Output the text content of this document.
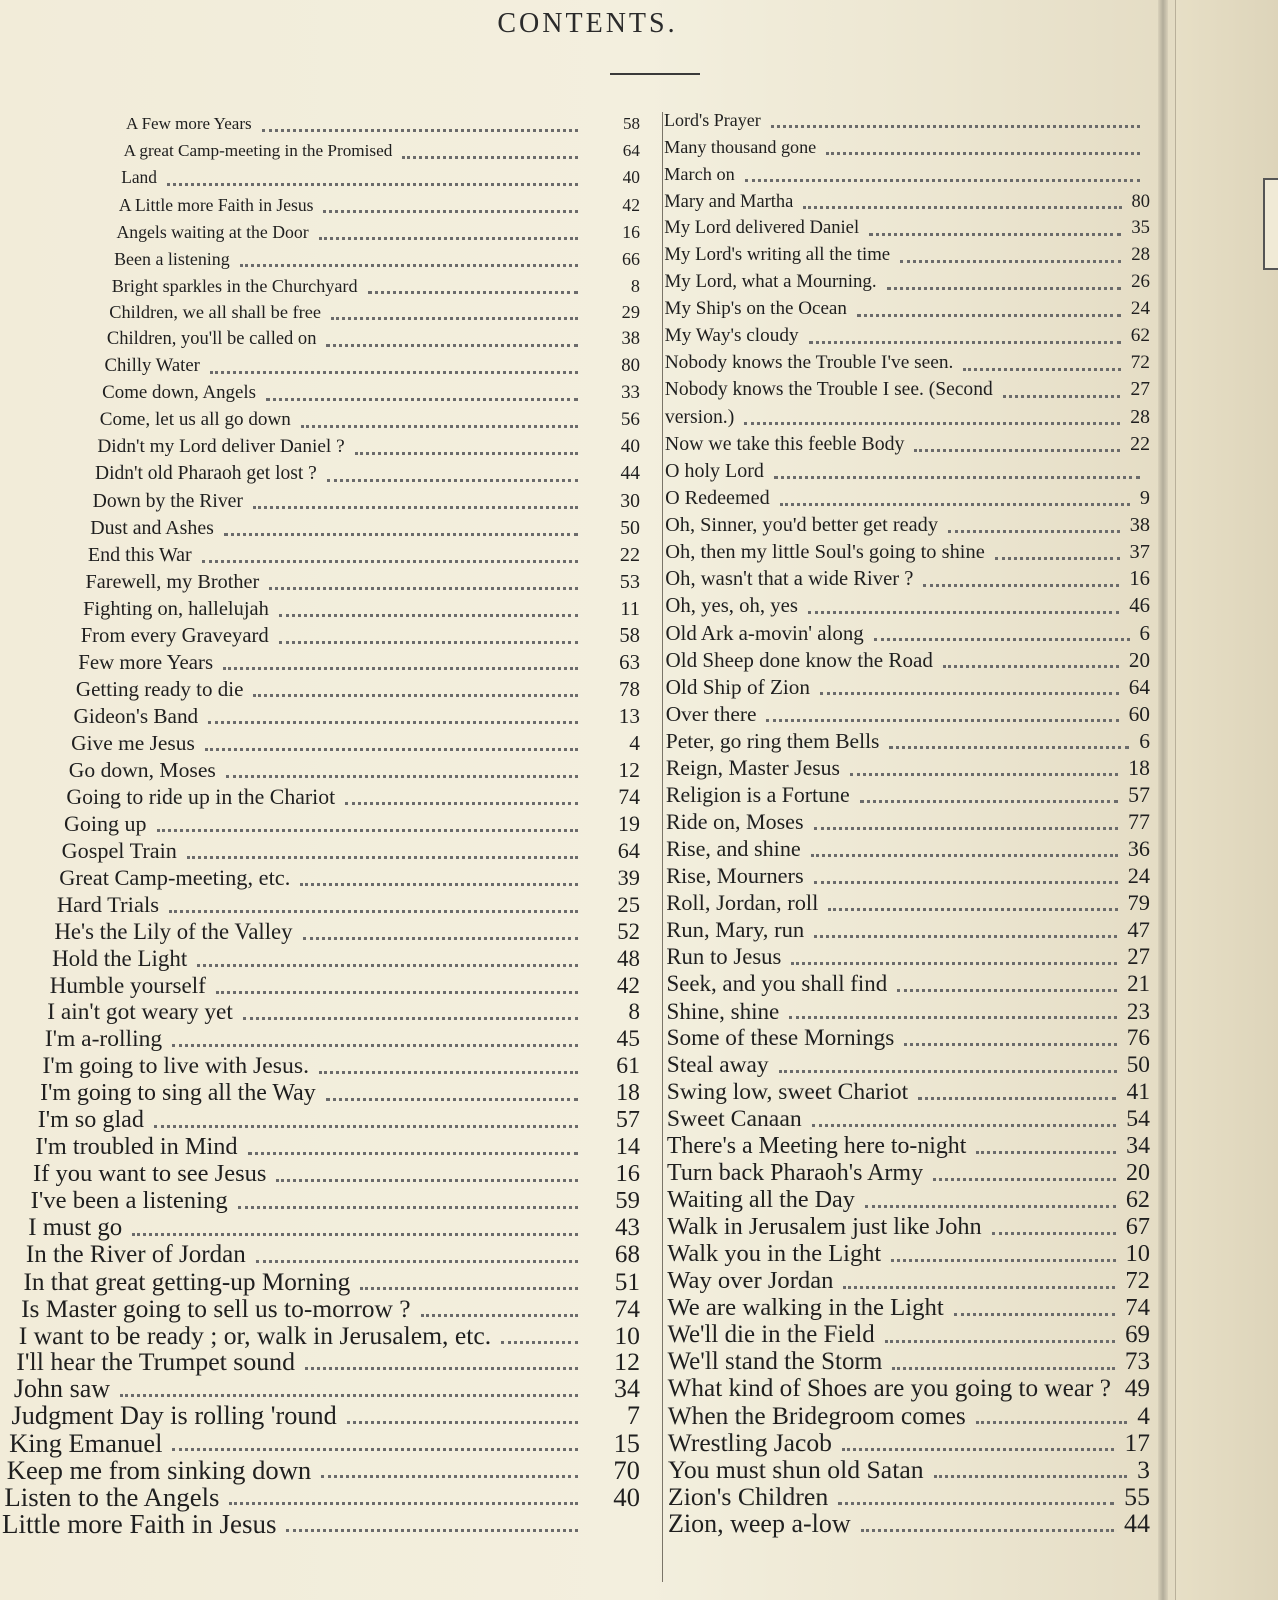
CONTENTS.
A Few more Years	58
A great Camp-meeting in the Promised	64
Land	40
A Little more Faith in Jesus	42
Angels waiting at the Door	16
Been a listening	66
Bright sparkles in the Churchyard	8
Children, we all shall be free	29
Children, you'll be called on	38
Chilly Water	80
Come down, Angels	33
Come, let us all go down	56
Didn't my Lord deliver Daniel ?	40
Didn't old Pharaoh get lost ?	44
Down by the River	30
Dust and Ashes	50
End this War	22
Farewell, my Brother	53
Fighting on, hallelujah	11
From every Graveyard	58
Few more Years	63
Getting ready to die	78
Gideon's Band	13
Give me Jesus	4
Go down, Moses	12
Going to ride up in the Chariot	74
Going up	19
Gospel Train	64
Great Camp-meeting, etc.	39
Hard Trials	25
He's the Lily of the Valley	52
Hold the Light	48
Humble yourself	42
I ain't got weary yet	8
I'm a-rolling	45
I'm going to live with Jesus.	61
I'm going to sing all the Way	18
I'm so glad	57
I'm troubled in Mind	14
If you want to see Jesus	16
I've been a listening	59
I must go	43
In the River of Jordan	68
In that great getting-up Morning	51
Is Master going to sell us to-morrow ?	74
I want to be ready ; or, walk in Jerusalem, etc.	10
I'll hear the Trumpet sound	12
John saw	34
Judgment Day is rolling 'round	7
King Emanuel	15
Keep me from sinking down	70
Listen to the Angels	40
Little more Faith in Jesus
Lord's Prayer
Many thousand gone
March on
Mary and Martha	80
My Lord delivered Daniel	35
My Lord's writing all the time	28
My Lord, what a Mourning.	26
My Ship's on the Ocean	24
My Way's cloudy	62
Nobody knows the Trouble I've seen.	72
Nobody knows the Trouble I see. (Second	27
version.)	28
Now we take this feeble Body	22
O holy Lord
O Redeemed	9
Oh, Sinner, you'd better get ready	38
Oh, then my little Soul's going to shine	37
Oh, wasn't that a wide River ?	16
Oh, yes, oh, yes	46
Old Ark a-movin' along	6
Old Sheep done know the Road	20
Old Ship of Zion	64
Over there	60
Peter, go ring them Bells	6
Reign, Master Jesus	18
Religion is a Fortune	57
Ride on, Moses	77
Rise, and shine	36
Rise, Mourners	24
Roll, Jordan, roll	79
Run, Mary, run	47
Run to Jesus	27
Seek, and you shall find	21
Shine, shine	23
Some of these Mornings	76
Steal away	50
Swing low, sweet Chariot	41
Sweet Canaan	54
There's a Meeting here to-night	34
Turn back Pharaoh's Army	20
Waiting all the Day	62
Walk in Jerusalem just like John	67
Walk you in the Light	10
Way over Jordan	72
We are walking in the Light	74
We'll die in the Field	69
We'll stand the Storm	73
What kind of Shoes are you going to wear ? 49
When the Bridegroom comes	4
Wrestling Jacob	17
You must shun old Satan	3
Zion's Children	55
Zion, weep a-low	44
